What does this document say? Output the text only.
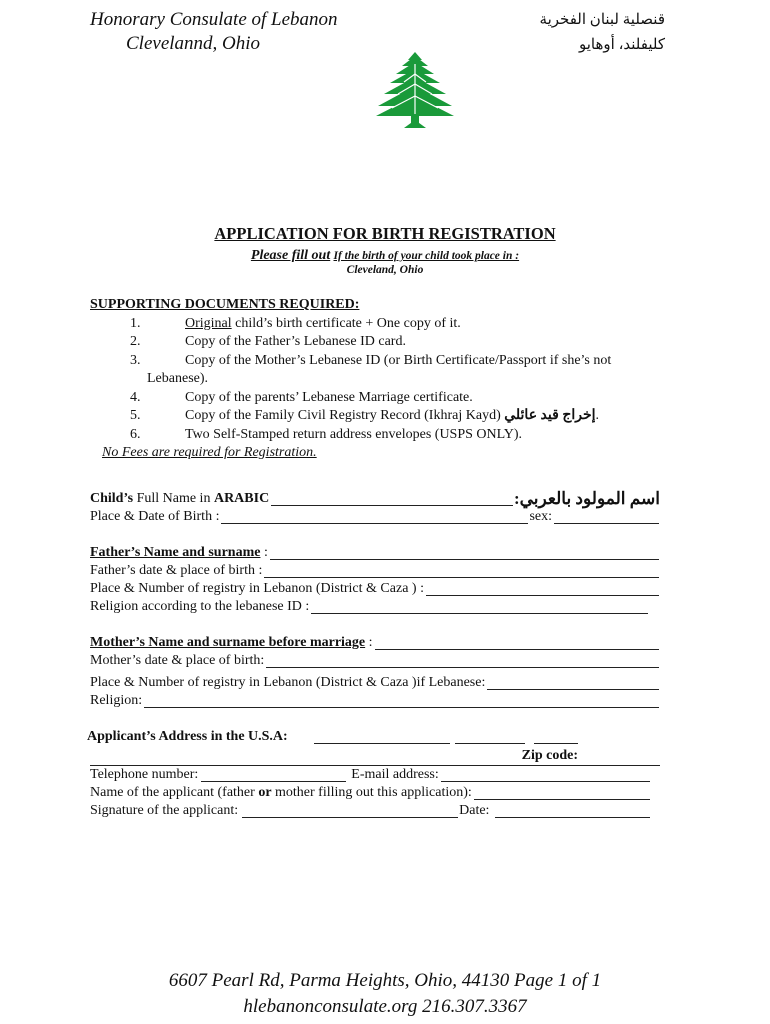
Honorary Consulate of Lebanon
Clevelannd, Ohio
قنصلية لبنان الفخرية
كليفلند، أوهايو
APPLICATION FOR BIRTH REGISTRATION
Please fill out If the birth of your child took place in :
Cleveland, Ohio
SUPPORTING DOCUMENTS REQUIRED:
1.	Original child’s birth certificate + One copy of it.
2.	Copy of the Father’s Lebanese ID card.
3.	Copy of the Mother’s Lebanese ID (or Birth Certificate/Passport if she’s not
Lebanese).
4.	Copy of the parents’ Lebanese Marriage certificate.
5.	Copy of the Family Civil Registry Record (Ikhraj Kayd) إخراج قيد عائلي.
6.	Two Self-Stamped return address envelopes (USPS ONLY).
No Fees are required for Registration.
Child’s Full Name in ARABIC	اسم المولود بالعربي:
Place & Date of Birth :	sex:
Father’s Name and surname :
Father’s date & place of birth :
Place & Number of registry in Lebanon (District & Caza ) :
Religion according to the lebanese ID :
Mother’s Name and surname before marriage :
Mother’s date & place of birth:
Place & Number of registry in Lebanon (District & Caza )if Lebanese:
Religion:
Applicant’s Address in the U.S.A:
Zip code:
Telephone number:	E-mail address:
Name of the applicant (father or mother filling out this application):
Signature of the applicant:	Date:
6607 Pearl Rd, Parma Heights, Ohio, 44130 Page 1 of 1
hlebanonconsulate.org 216.307.3367
